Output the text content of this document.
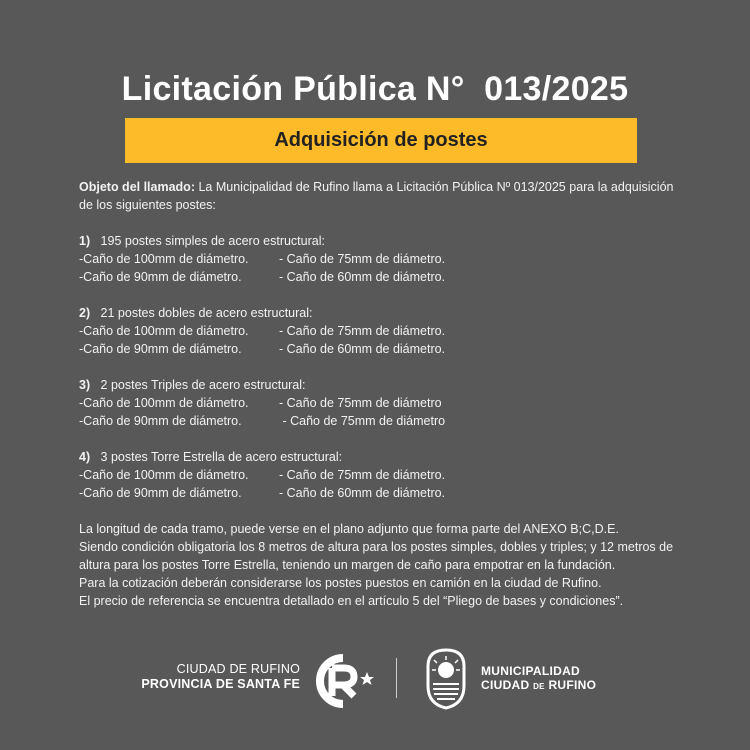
Licitación Pública N°  013/2025
Adquisición de postes

Objeto del llamado: La Municipalidad de Rufino llama a Licitación Pública Nº 013/2025 para la adquisición de los siguientes postes:

1) 195 postes simples de acero estructural:

-Caño de 100mm de diámetro.	- Caño de 75mm de diámetro.
-Caño de 90mm de diámetro.	- Caño de 60mm de diámetro.

2) 21 postes dobles de acero estructural:

-Caño de 100mm de diámetro.	- Caño de 75mm de diámetro.
-Caño de 90mm de diámetro.	- Caño de 60mm de diámetro.

3) 2 postes Triples de acero estructural:

-Caño de 100mm de diámetro.	- Caño de 75mm de diámetro
-Caño de 90mm de diámetro.	- Caño de 75mm de diámetro

4) 3 postes Torre Estrella de acero estructural:

-Caño de 100mm de diámetro.	- Caño de 75mm de diámetro.
-Caño de 90mm de diámetro.	- Caño de 60mm de diámetro.

La longitud de cada tramo, puede verse en el plano adjunto que forma parte del ANEXO B;C,D.E.

Siendo condición obligatoria los 8 metros de altura para los postes simples, dobles y triples; y 12 metros de altura para los postes Torre Estrella, teniendo un margen de caño para empotrar en la fundación.

Para la cotización deberán considerarse los postes puestos en camión en la ciudad de Rufino.

El precio de referencia se encuentra detallado en el artículo 5 del “Pliego de bases y condiciones”.

CIUDAD DE RUFINO
PROVINCIA DE SANTA FE
MUNICIPALIDAD
CIUDAD DE RUFINO
